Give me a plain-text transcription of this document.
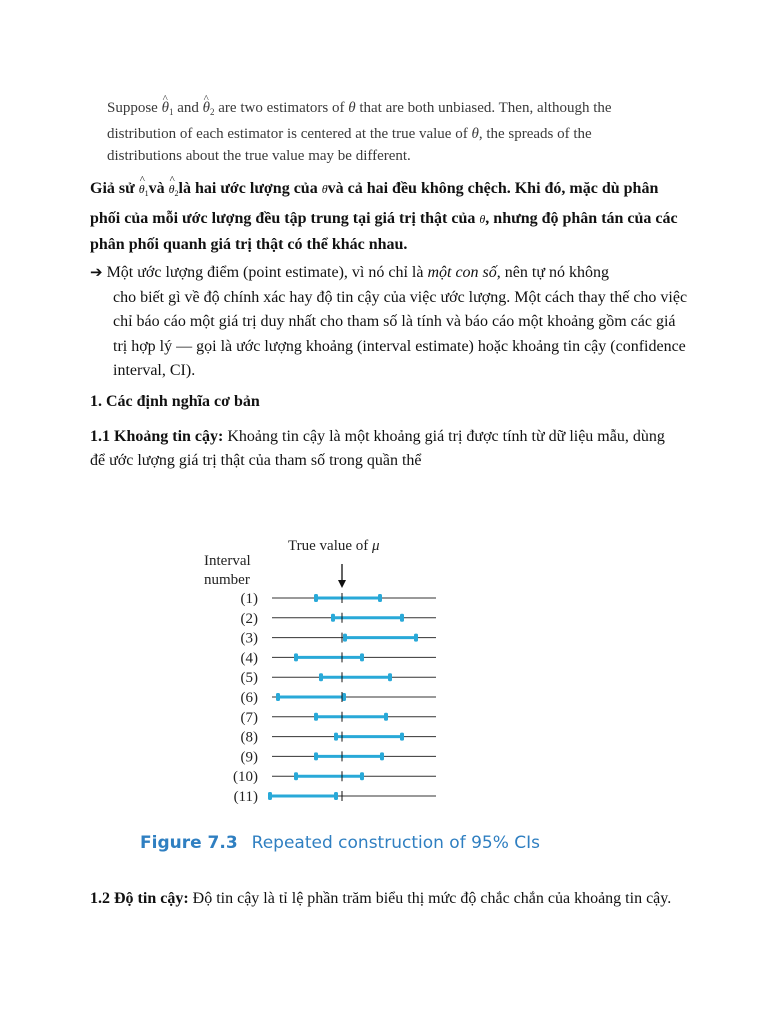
Suppose ^ $\theta_1$ and ^ $\theta_2$ are two estimators of θ that are both unbiased. Then, although the
distribution of each estimator is centered at the true value of θ, the spreads of the
distributions about the true value may be different.
Giả sử ^ $\theta_1và$ ^ $\theta_2là$ hai ước lượng của θvà cả hai đều không chệch. Khi đó, mặc dù phân phối của mỗi ước lượng đều tập trung tại giá trị thật của θ, nhưng độ phân tán của các phân phối quanh giá trị thật có thể khác nhau.
➔ Một ước lượng điểm (point estimate), vì nó chỉ là một con số, nên tự nó không
cho biết gì về độ chính xác hay độ tin cậy của việc ước lượng. Một cách thay thế cho việc chỉ báo cáo một giá trị duy nhất cho tham số là tính và báo cáo một khoảng gồm các giá trị hợp lý — gọi là ước lượng khoảng (interval estimate) hoặc khoảng tin cậy (confidence interval, CI).
1. Các định nghĩa cơ bản
1.1 Khoảng tin cậy: Khoảng tin cậy là một khoảng giá trị được tính từ dữ liệu mẫu, dùng để ước lượng giá trị thật của tham số trong quần thể
True value of μ
Interval
number
(1)
(2)
(3)
(4)
(5)
(6)
(7)
(8)
(9)
(10)
(11)
Figure 7.3 Repeated construction of 95% CIs
1.2 Độ tin cậy: Độ tin cậy là tỉ lệ phần trăm biểu thị mức độ chắc chắn của khoảng tin cậy.
